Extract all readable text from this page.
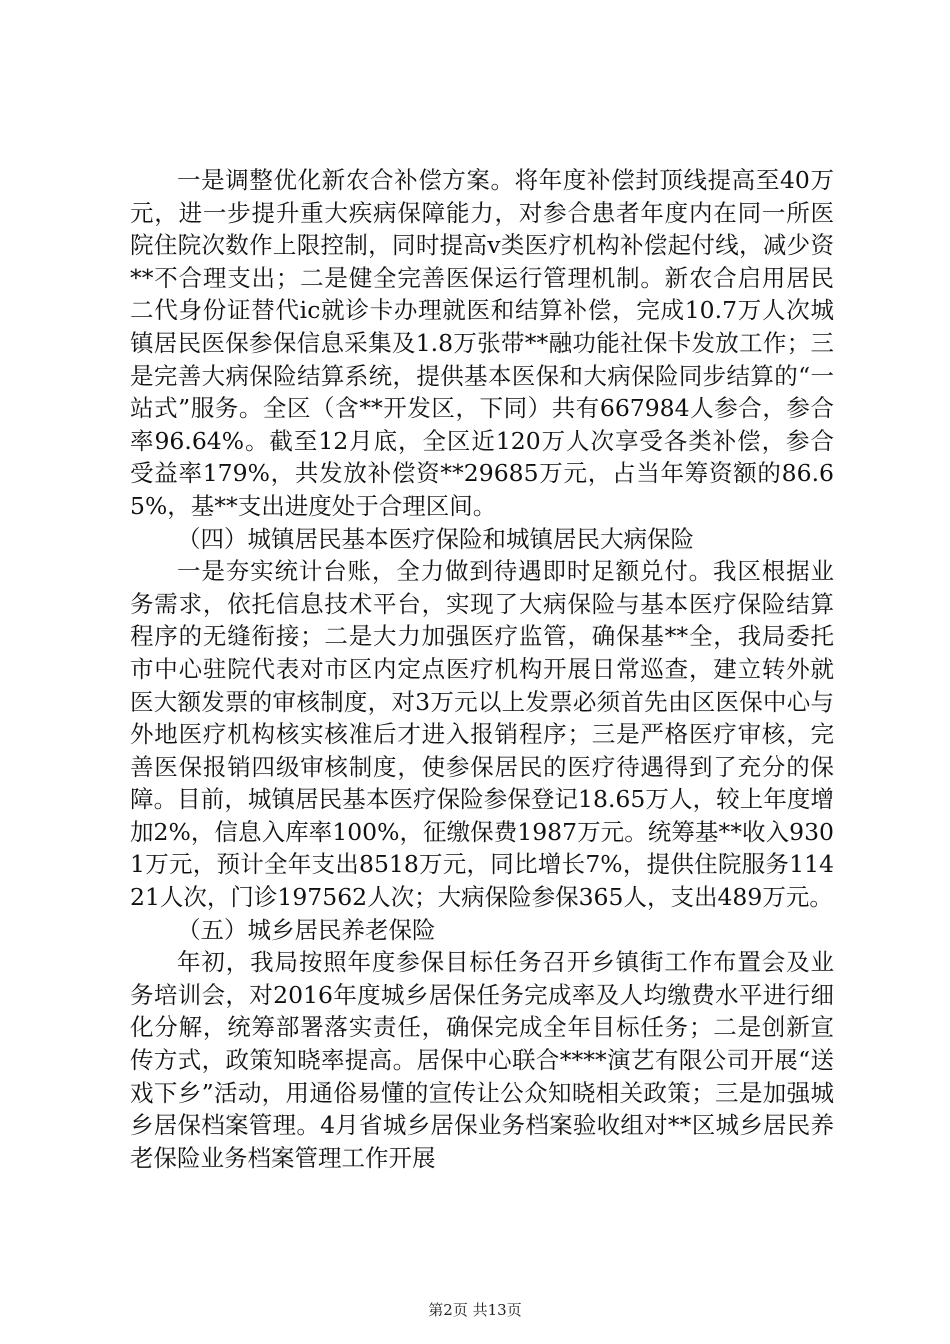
一是调整优化新农合补偿方案。将年度补偿封顶线提高至40万元，进一步提升重大疾病保障能力，对参合患者年度内在同一所医院住院次数作上限控制，同时提高ⅴ类医疗机构补偿起付线，减少资**不合理支出；二是健全完善医保运行管理机制。新农合启用居民二代身份证替代ic就诊卡办理就医和结算补偿，完成10.7万人次城镇居民医保参保信息采集及1.8万张带**融功能社保卡发放工作；三是完善大病保险结算系统，提供基本医保和大病保险同步结算的“一站式”服务。全区（含**开发区，下同）共有667984人参合，参合率96.64%。截至12月底，全区近120万人次享受各类补偿，参合受益率179%，共发放补偿资**29685万元，占当年筹资额的86.65%，基**支出进度处于合理区间。

（四）城镇居民基本医疗保险和城镇居民大病保险

一是夯实统计台账，全力做到待遇即时足额兑付。我区根据业务需求，依托信息技术平台，实现了大病保险与基本医疗保险结算程序的无缝衔接；二是大力加强医疗监管，确保基**全，我局委托市中心驻院代表对市区内定点医疗机构开展日常巡查，建立转外就医大额发票的审核制度，对3万元以上发票必须首先由区医保中心与外地医疗机构核实核准后才进入报销程序；三是严格医疗审核，完善医保报销四级审核制度，使参保居民的医疗待遇得到了充分的保障。目前，城镇居民基本医疗保险参保登记18.65万人，较上年度增加2%，信息入库率100%，征缴保费1987万元。统筹基**收入9301万元，预计全年支出8518万元，同比增长7%，提供住院服务11421人次，门诊197562人次；大病保险参保365人，支出489万元。

（五）城乡居民养老保险

年初，我局按照年度参保目标任务召开乡镇街工作布置会及业务培训会，对2016年度城乡居保任务完成率及人均缴费水平进行细化分解，统筹部署落实责任，确保完成全年目标任务；二是创新宣传方式，政策知晓率提高。居保中心联合****演艺有限公司开展“送戏下乡”活动，用通俗易懂的宣传让公众知晓相关政策；三是加强城乡居保档案管理。4月省城乡居保业务档案验收组对**区城乡居民养老保险业务档案管理工作开展

第2页 共13页
